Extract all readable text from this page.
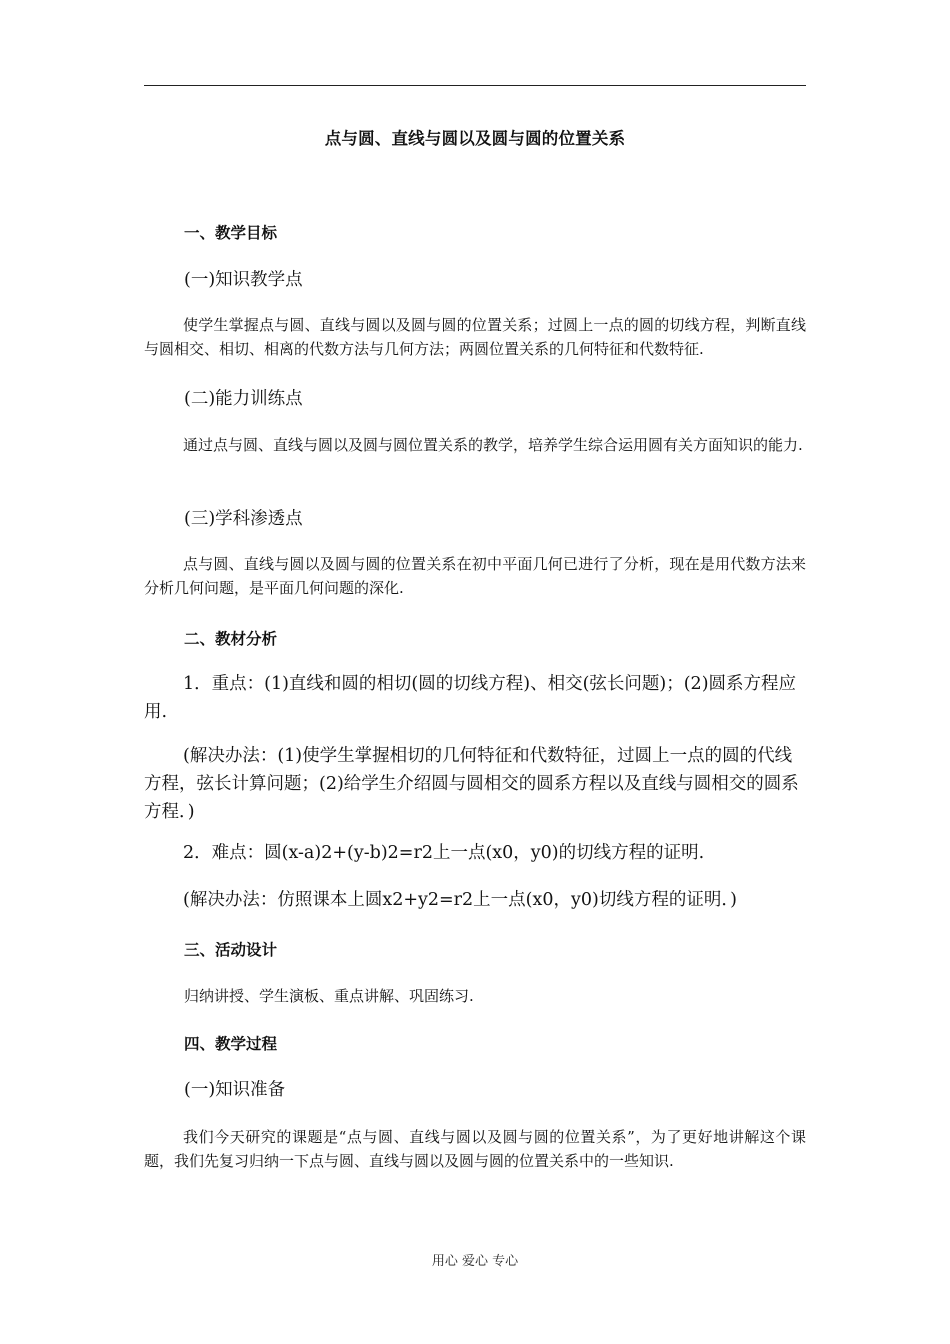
点与圆、直线与圆以及圆与圆的位置关系
一、教学目标
(一)知识教学点
使学生掌握点与圆、直线与圆以及圆与圆的位置关系；过圆上一点的圆的切线方程，判断直线与圆相交、相切、相离的代数方法与几何方法；两圆位置关系的几何特征和代数特征.
(二)能力训练点
通过点与圆、直线与圆以及圆与圆位置关系的教学，培养学生综合运用圆有关方面知识的能力.
(三)学科渗透点
点与圆、直线与圆以及圆与圆的位置关系在初中平面几何已进行了分析，现在是用代数方法来分析几何问题，是平面几何问题的深化.
二、教材分析
1．重点：(1)直线和圆的相切(圆的切线方程)、相交(弦长问题)；(2)圆系方程应用.
(解决办法：(1)使学生掌握相切的几何特征和代数特征，过圆上一点的圆的代线方程，弦长计算问题；(2)给学生介绍圆与圆相交的圆系方程以及直线与圆相交的圆系方程．)
2．难点：圆(x-a)2+(y-b)2=r2上一点(x0，y0)的切线方程的证明.
(解决办法：仿照课本上圆x2+y2=r2上一点(x0，y0)切线方程的证明．)
三、活动设计
归纳讲授、学生演板、重点讲解、巩固练习.
四、教学过程
(一)知识准备
我们今天研究的课题是“点与圆、直线与圆以及圆与圆的位置关系”，为了更好地讲解这个课题，我们先复习归纳一下点与圆、直线与圆以及圆与圆的位置关系中的一些知识.
用心 爱心 专心
